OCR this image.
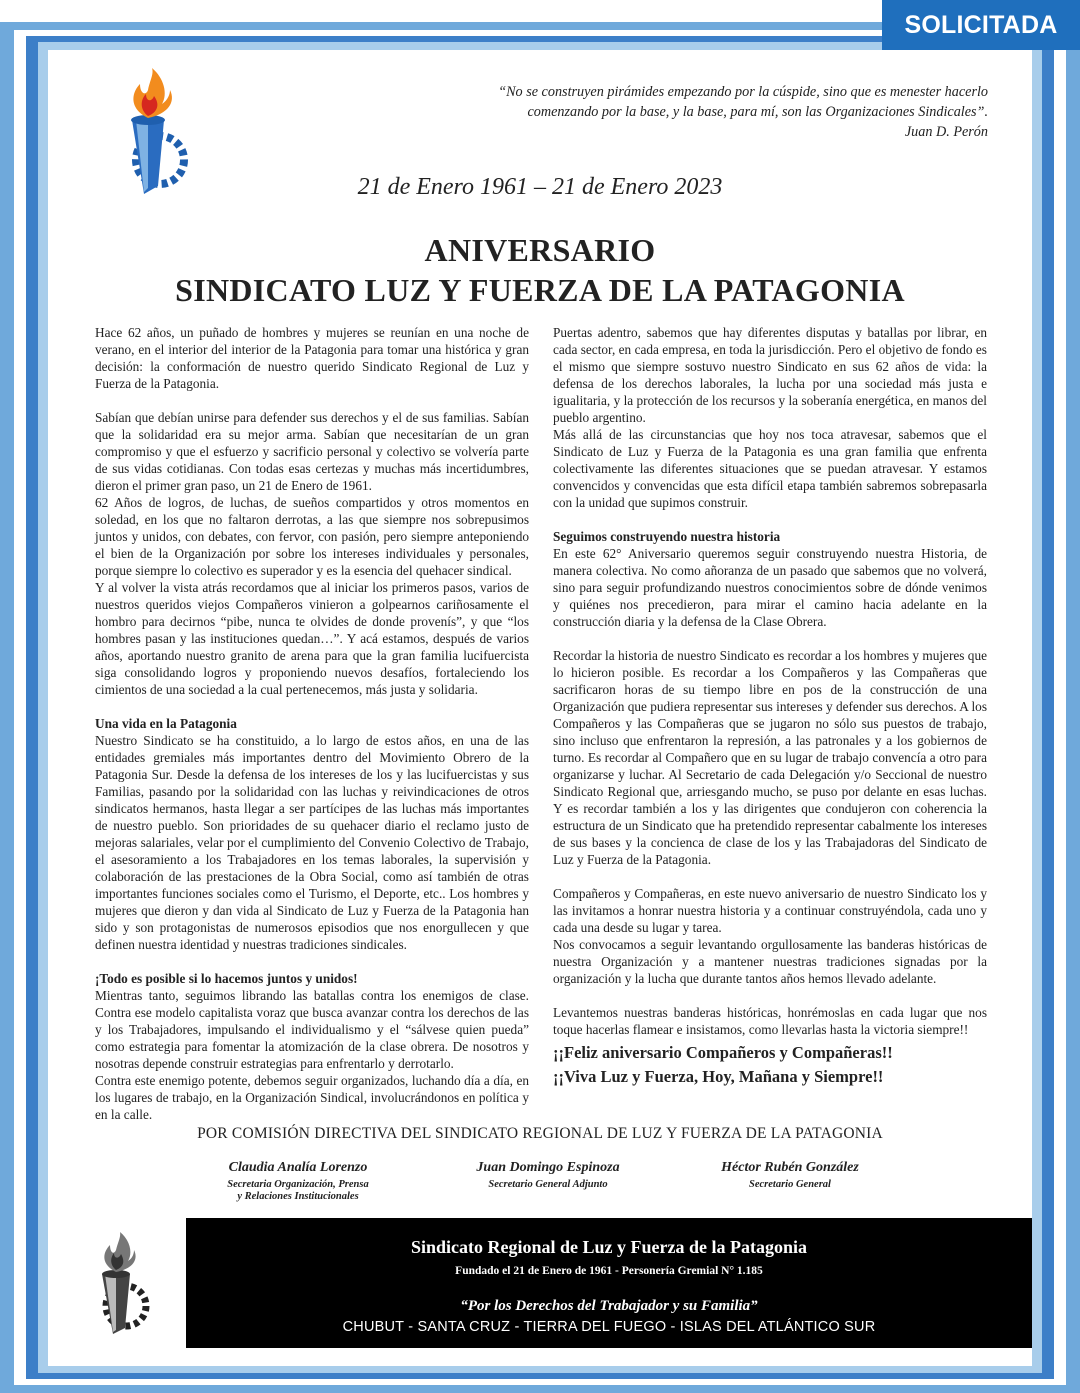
SOLICITADA
“No se construyen pirámides empezando por la cúspide, sino que es menester hacerlo
comenzando por la base, y la base, para mí, son las Organizaciones Sindicales”.
Juan D. Perón
21 de Enero 1961 – 21 de Enero 2023
ANIVERSARIO
SINDICATO LUZ Y FUERZA DE LA PATAGONIA

Hace 62 años, un puñado de hombres y mujeres se reunían en una noche de verano, en el interior del interior de la Patagonia para tomar una histórica y gran decisión: la conformación de nuestro querido Sindicato Regional de Luz y Fuerza de la Patagonia.

Sabían que debían unirse para defender sus derechos y el de sus familias. Sabían que la solidaridad era su mejor arma. Sabían que necesitarían de un gran compromiso y que el esfuerzo y sacrificio personal y colectivo se volvería parte de sus vidas cotidianas. Con todas esas certezas y muchas más incertidumbres, dieron el primer gran paso, un 21 de Enero de 1961.

62 Años de logros, de luchas, de sueños compartidos y otros momentos en soledad, en los que no faltaron derrotas, a las que siempre nos sobrepusimos juntos y unidos, con debates, con fervor, con pasión, pero siempre anteponiendo el bien de la Organización por sobre los intereses individuales y personales, porque siempre lo colectivo es superador y es la esencia del quehacer sindical.

Y al volver la vista atrás recordamos que al iniciar los primeros pasos, varios de nuestros queridos viejos Compañeros vinieron a golpearnos cariñosamente el hombro para decirnos “pibe, nunca te olvides de donde provenís”, y que “los hombres pasan y las instituciones quedan…”. Y acá estamos, después de varios años, aportando nuestro granito de arena para que la gran familia lucifuercista siga consolidando logros y proponiendo nuevos desafíos, fortaleciendo los cimientos de una sociedad a la cual pertenecemos, más justa y solidaria.

Una vida en la Patagonia

Nuestro Sindicato se ha constituido, a lo largo de estos años, en una de las entidades gremiales más importantes dentro del Movimiento Obrero de la Patagonia Sur. Desde la defensa de los intereses de los y las lucifuercistas y sus Familias, pasando por la solidaridad con las luchas y reivindicaciones de otros sindicatos hermanos, hasta llegar a ser partícipes de las luchas más importantes de nuestro pueblo. Son prioridades de su quehacer diario el reclamo justo de mejoras salariales, velar por el cumplimiento del Convenio Colectivo de Trabajo, el asesoramiento a los Trabajadores en los temas laborales, la supervisión y colaboración de las prestaciones de la Obra Social, como así también de otras importantes funciones sociales como el Turismo, el Deporte, etc.. Los hombres y mujeres que dieron y dan vida al Sindicato de Luz y Fuerza de la Patagonia han sido y son protagonistas de numerosos episodios que nos enorgullecen y que definen nuestra identidad y nuestras tradiciones sindicales.

¡Todo es posible si lo hacemos juntos y unidos!

Mientras tanto, seguimos librando las batallas contra los enemigos de clase. Contra ese modelo capitalista voraz que busca avanzar contra los derechos de las y los Trabajadores, impulsando el individualismo y el “sálvese quien pueda” como estrategia para fomentar la atomización de la clase obrera. De nosotros y nosotras depende construir estrategias para enfrentarlo y derrotarlo.

Contra este enemigo potente, debemos seguir organizados, luchando día a día, en los lugares de trabajo, en la Organización Sindical, involucrándonos en política y en la calle.

Puertas adentro, sabemos que hay diferentes disputas y batallas por librar, en cada sector, en cada empresa, en toda la jurisdicción. Pero el objetivo de fondo es el mismo que siempre sostuvo nuestro Sindicato en sus 62 años de vida: la defensa de los derechos laborales, la lucha por una sociedad más justa e igualitaria, y la protección de los recursos y la soberanía energética, en manos del pueblo argentino.

Más allá de las circunstancias que hoy nos toca atravesar, sabemos que el Sindicato de Luz y Fuerza de la Patagonia es una gran familia que enfrenta colectivamente las diferentes situaciones que se puedan atravesar. Y estamos convencidos y convencidas que esta difícil etapa también sabremos sobrepasarla con la unidad que supimos construir.

Seguimos construyendo nuestra historia

En este 62° Aniversario queremos seguir construyendo nuestra Historia, de manera colectiva. No como añoranza de un pasado que sabemos que no volverá, sino para seguir profundizando nuestros conocimientos sobre de dónde venimos y quiénes nos precedieron, para mirar el camino hacia adelante en la construcción diaria y la defensa de la Clase Obrera.

Recordar la historia de nuestro Sindicato es recordar a los hombres y mujeres que lo hicieron posible. Es recordar a los Compañeros y las Compañeras que sacrificaron horas de su tiempo libre en pos de la construcción de una Organización que pudiera representar sus intereses y defender sus derechos. A los Compañeros y las Compañeras que se jugaron no sólo sus puestos de trabajo, sino incluso que enfrentaron la represión, a las patronales y a los gobiernos de turno. Es recordar al Compañero que en su lugar de trabajo convencía a otro para organizarse y luchar. Al Secretario de cada Delegación y/o Seccional de nuestro Sindicato Regional que, arriesgando mucho, se puso por delante en esas luchas. Y es recordar también a los y las dirigentes que condujeron con coherencia la estructura de un Sindicato que ha pretendido representar cabalmente los intereses de sus bases y la concienca de clase de los y las Trabajadoras del Sindicato de Luz y Fuerza de la Patagonia.

Compañeros y Compañeras, en este nuevo aniversario de nuestro Sindicato los y las invitamos a honrar nuestra historia y a continuar construyéndola, cada uno y cada una desde su lugar y tarea.

Nos convocamos a seguir levantando orgullosamente las banderas históricas de nuestra Organización y a mantener nuestras tradiciones signadas por la organización y la lucha que durante tantos años hemos llevado adelante.

Levantemos nuestras banderas históricas, honrémoslas en cada lugar que nos toque hacerlas flamear e insistamos, como llevarlas hasta la victoria siempre!!

¡¡Feliz aniversario Compañeros y Compañeras!!
¡¡Viva Luz y Fuerza, Hoy, Mañana y Siempre!!
POR COMISIÓN DIRECTIVA DEL SINDICATO REGIONAL DE LUZ Y FUERZA DE LA PATAGONIA
Claudia Analía Lorenzo
Secretaria Organización, Prensa
y Relaciones Institucionales
Juan Domingo Espinoza
Secretario General Adjunto
Héctor Rubén González
Secretario General
Sindicato Regional de Luz y Fuerza de la Patagonia
Fundado el 21 de Enero de 1961 - Personería Gremial N° 1.185
“Por los Derechos del Trabajador y su Familia”
CHUBUT - SANTA CRUZ - TIERRA DEL FUEGO - ISLAS DEL ATLÁNTICO SUR
